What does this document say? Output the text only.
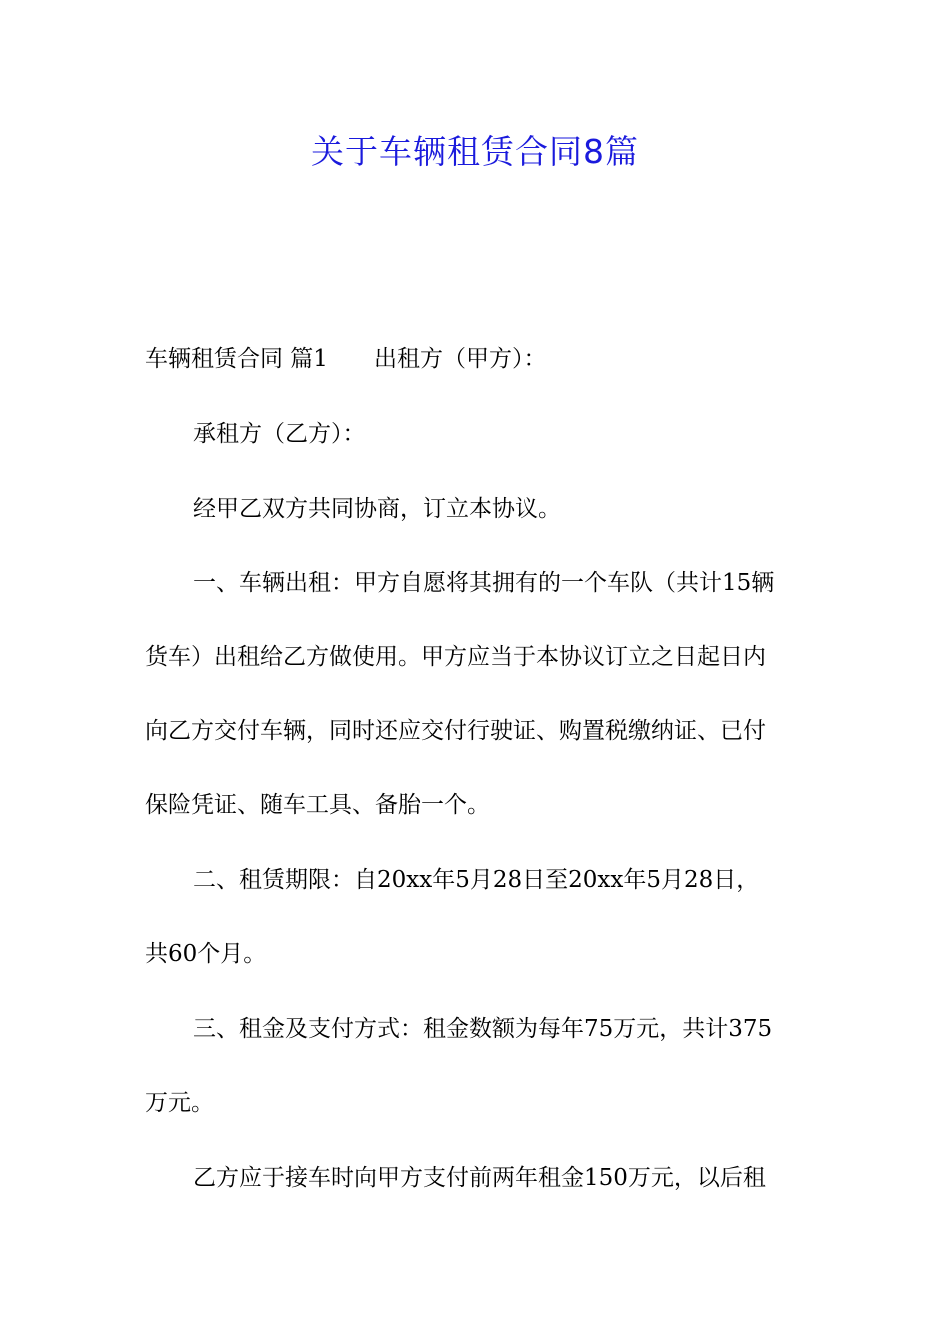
关于车辆租赁合同8篇
车辆租赁合同 篇1 出租方（甲方）：
承租方（乙方）：
经甲乙双方共同协商，订立本协议。
一、车辆出租：甲方自愿将其拥有的一个车队（共计15辆
货车）出租给乙方做使用。甲方应当于本协议订立之日起日内
向乙方交付车辆，同时还应交付行驶证、购置税缴纳证、已付
保险凭证、随车工具、备胎一个。
二、租赁期限：自20xx年5月28日至20xx年5月28日，
共60个月。
三、租金及支付方式：租金数额为每年75万元，共计375
万元。
乙方应于接车时向甲方支付前两年租金150万元，以后租
